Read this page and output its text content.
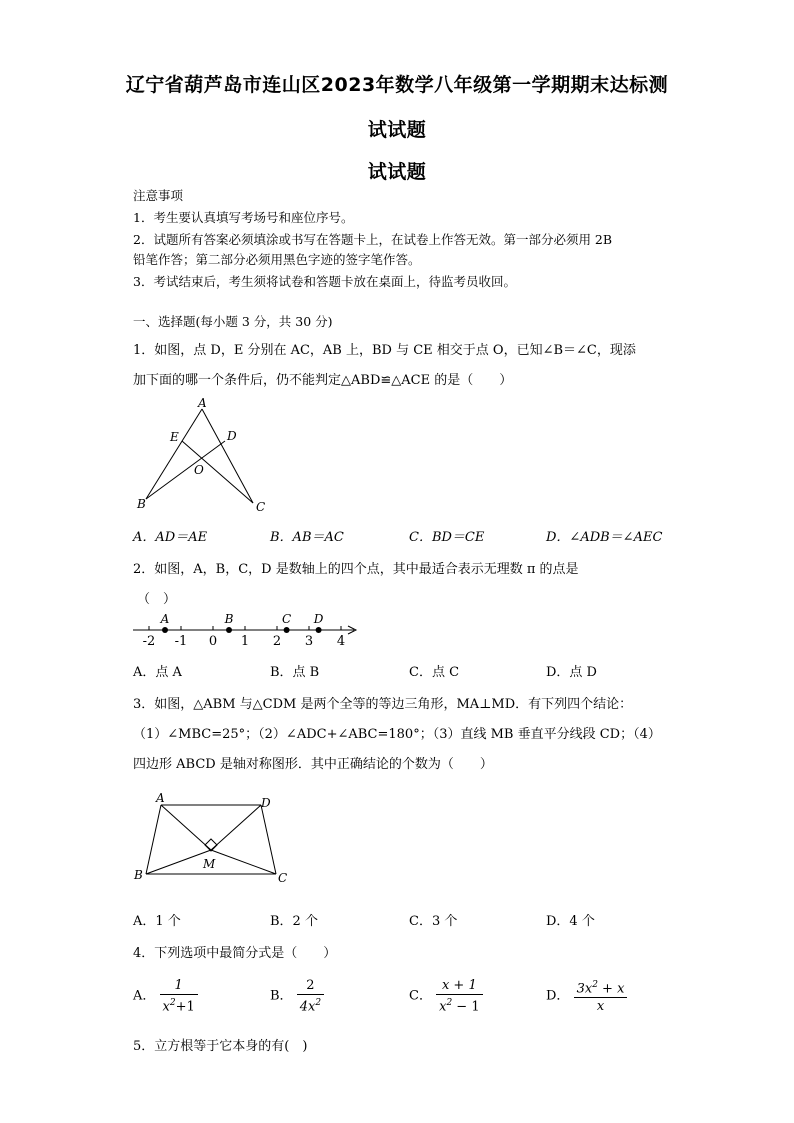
辽宁省葫芦岛市连山区2023年数学八年级第一学期期末达标测
试试题
试试题
注意事项
1．考生要认真填写考场号和座位序号。
2．试题所有答案必须填涂或书写在答题卡上，在试卷上作答无效。第一部分必须用 2B
铅笔作答；第二部分必须用黑色字迹的签字笔作答。
3．考试结束后，考生须将试卷和答题卡放在桌面上，待监考员收回。
一、选择题(每小题 3 分，共 30 分)
1．如图，点 D，E 分别在 AC，AB 上，BD 与 CE 相交于点 O，已知∠B＝∠C，现添
加下面的哪一个条件后，仍不能判定△ABD≌△ACE 的是（　　）
A
E	D
O
B	C
A．AD＝AE	B．AB＝AC	C．BD＝CE	D．∠ADB＝∠AEC
2．如图，A，B，C，D 是数轴上的四个点，其中最适合表示无理数 π 的点是
（　）
-2 -1 0 1 2 3 4
A	B	C D
A．点 A	B．点 B	C．点 C	D．点 D
3．如图，△ABM 与△CDM 是两个全等的等边三角形，MA⊥MD．有下列四个结论：
（1）∠MBC=25°；（2）∠ADC+∠ABC=180°；（3）直线 MB 垂直平分线段 CD；（4）
四边形 ABCD 是轴对称图形．其中正确结论的个数为（　　）
A	D
M
B	C
A．1 个	B．2 个	C．3 个	D．4 个
4．下列选项中最简分式是（　　）
A． $\frac{1}{x^2+1}$	B． $\frac{2}{4x^2}$	C． $\frac{x + 1}{x^2 - 1}$	D． $\frac{3x^2 + x}{x}$
5．立方根等于它本身的有(　)
